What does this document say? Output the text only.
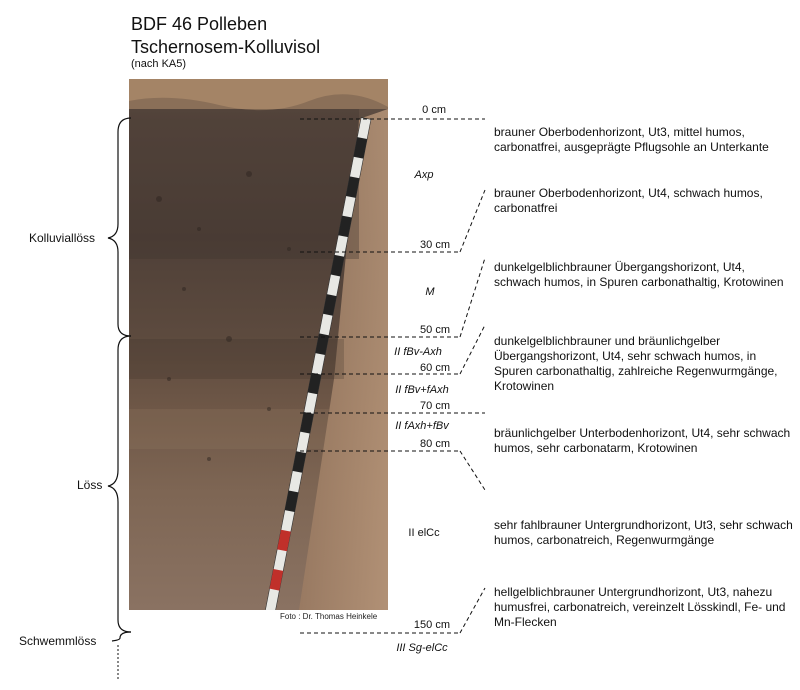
BDF 46 Polleben
Tschernosem-Kolluvisol
(nach KA5)
Foto : Dr. Thomas Heinkele
Kolluviallöss
Löss
Schwemmlöss
0 cm
30 cm
50 cm
60 cm
70 cm
80 cm
150 cm
Axp
M
II fBv-Axh
II fBv+fAxh
II fAxh+fBv
II elCc
III Sg-elCc
brauner Oberbodenhorizont, Ut3, mittel humos, carbonatfrei, ausgeprägte Pflugsohle an Unterkante
brauner Oberbodenhorizont, Ut4, schwach humos, carbonatfrei
dunkelgelblichbrauner Übergangshorizont, Ut4, schwach humos, in Spuren carbonathaltig, Krotowinen
dunkelgelblichbrauner und bräunlichgelber Übergangshorizont, Ut4, sehr schwach humos, in Spuren carbonathaltig, zahlreiche Regenwurmgänge, Krotowinen
bräunlichgelber Unterbodenhorizont, Ut4, sehr schwach humos, sehr carbonatarm, Krotowinen
sehr fahlbrauner Untergrundhorizont, Ut3, sehr schwach humos, carbonatreich, Regenwurmgänge
hellgelblichbrauner Untergrundhorizont, Ut3, nahezu humusfrei, carbonatreich, vereinzelt Lösskindl, Fe- und Mn-Flecken
